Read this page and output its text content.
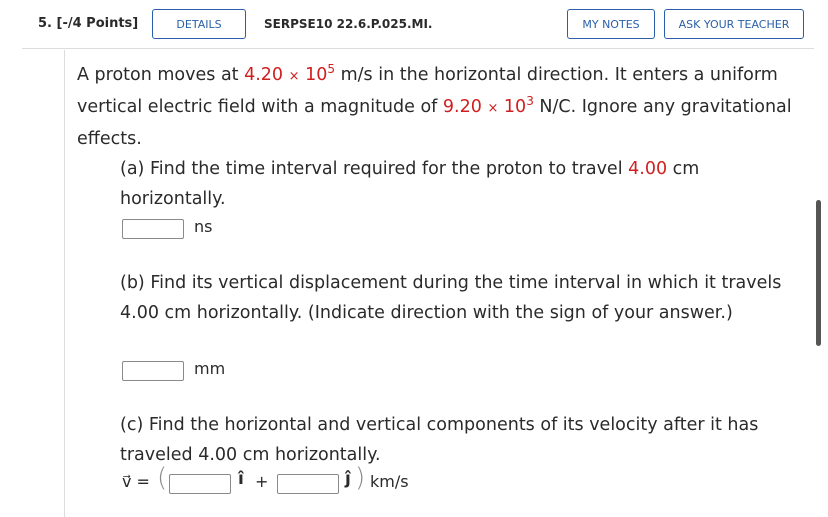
5. [-/4 Points]	DETAILS	SERPSE10 22.6.P.025.MI.	MY NOTES	ASK YOUR TEACHER
A proton moves at $4.20 \times 10^5$ m/s in the horizontal direction. It enters a uniform vertical electric field with a magnitude of $9.20 \times 10^3$ N/C. Ignore any gravitational effects.
(a) Find the time interval required for the proton to travel 4.00 cm horizontally.
ns
(b) Find its vertical displacement during the time interval in which it travels 4.00 cm horizontally. (Indicate direction with the sign of your answer.)
mm
(c) Find the horizontal and vertical components of its velocity after it has traveled 4.00 cm horizontally.
v⃗ = (	î +	ĵ ) km/s
